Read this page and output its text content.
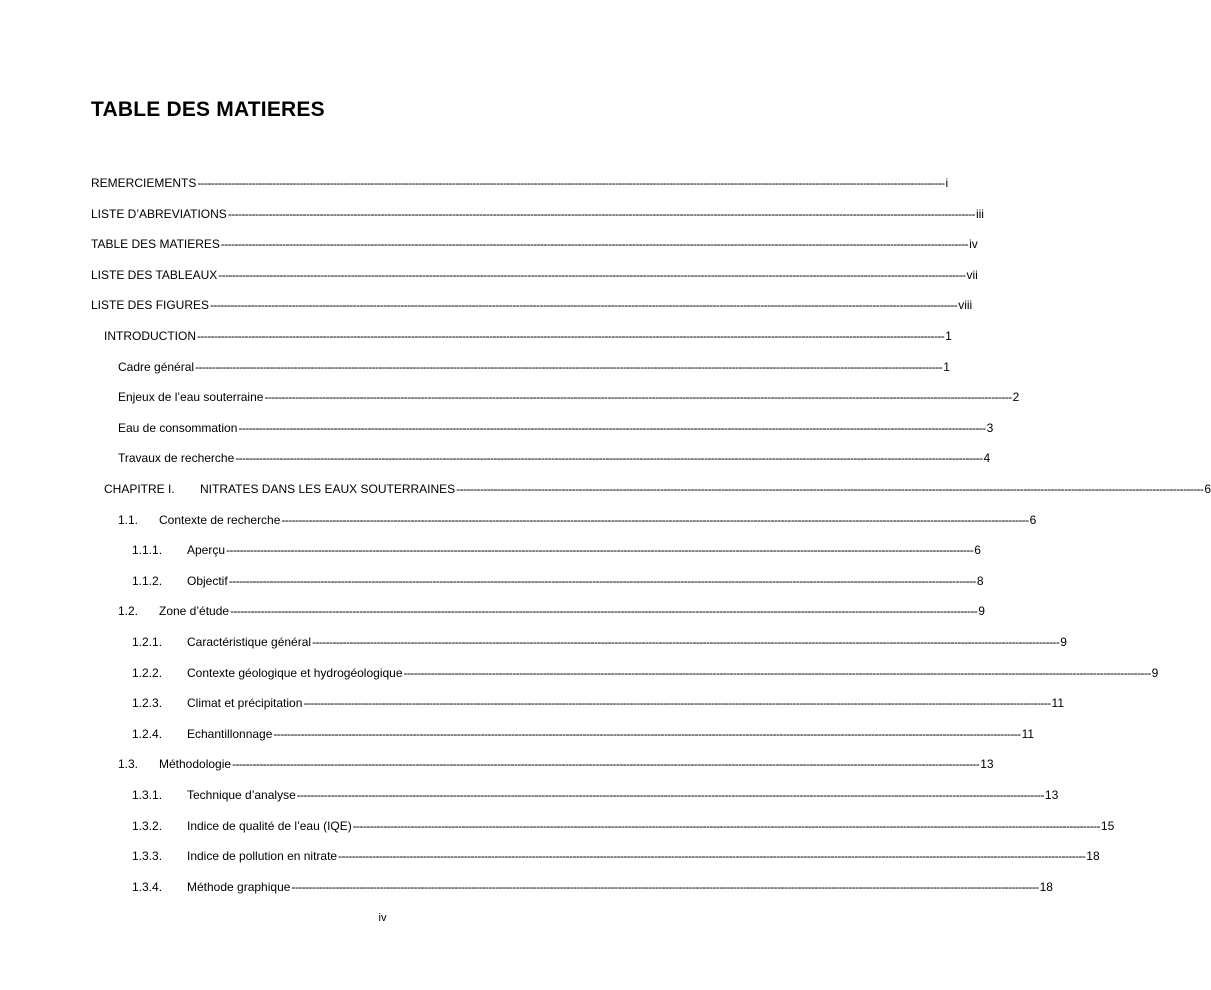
TABLE DES MATIERES
REMERCIEMENTS ---------------------------------------------------------------------------------------------------------------------------------------------------------------------------------------------------------------------------- i
LISTE D’ABREVIATIONS ---------------------------------------------------------------------------------------------------------------------------------------------------------------------------------------------------------------------------- iii
TABLE DES MATIERES ---------------------------------------------------------------------------------------------------------------------------------------------------------------------------------------------------------------------------- iv
LISTE DES TABLEAUX ---------------------------------------------------------------------------------------------------------------------------------------------------------------------------------------------------------------------------- vii
LISTE DES FIGURES ---------------------------------------------------------------------------------------------------------------------------------------------------------------------------------------------------------------------------- viii
INTRODUCTION ---------------------------------------------------------------------------------------------------------------------------------------------------------------------------------------------------------------------------- 1
Cadre général ---------------------------------------------------------------------------------------------------------------------------------------------------------------------------------------------------------------------------- 1
Enjeux de l’eau souterraine ---------------------------------------------------------------------------------------------------------------------------------------------------------------------------------------------------------------------------- 2
Eau de consommation ---------------------------------------------------------------------------------------------------------------------------------------------------------------------------------------------------------------------------- 3
Travaux de recherche ---------------------------------------------------------------------------------------------------------------------------------------------------------------------------------------------------------------------------- 4
CHAPITRE I.	NITRATES DANS LES EAUX SOUTERRAINES ---------------------------------------------------------------------------------------------------------------------------------------------------------------------------------------------------------------------------- 6
1.1.	Contexte de recherche ---------------------------------------------------------------------------------------------------------------------------------------------------------------------------------------------------------------------------- 6
1.1.1.	Aperçu ---------------------------------------------------------------------------------------------------------------------------------------------------------------------------------------------------------------------------- 6
1.1.2.	Objectif ---------------------------------------------------------------------------------------------------------------------------------------------------------------------------------------------------------------------------- 8
1.2.	Zone d’étude ---------------------------------------------------------------------------------------------------------------------------------------------------------------------------------------------------------------------------- 9
1.2.1.	Caractéristique général ---------------------------------------------------------------------------------------------------------------------------------------------------------------------------------------------------------------------------- 9
1.2.2.	Contexte géologique et hydrogéologique ---------------------------------------------------------------------------------------------------------------------------------------------------------------------------------------------------------------------------- 9
1.2.3.	Climat et précipitation ---------------------------------------------------------------------------------------------------------------------------------------------------------------------------------------------------------------------------- 11
1.2.4.	Echantillonnage ---------------------------------------------------------------------------------------------------------------------------------------------------------------------------------------------------------------------------- 11
1.3.	Méthodologie ---------------------------------------------------------------------------------------------------------------------------------------------------------------------------------------------------------------------------- 13
1.3.1.	Technique d’analyse ---------------------------------------------------------------------------------------------------------------------------------------------------------------------------------------------------------------------------- 13
1.3.2.	Indice de qualité de l’eau (IQE) ---------------------------------------------------------------------------------------------------------------------------------------------------------------------------------------------------------------------------- 15
1.3.3.	Indice de pollution en nitrate ---------------------------------------------------------------------------------------------------------------------------------------------------------------------------------------------------------------------------- 18
1.3.4.	Méthode graphique ---------------------------------------------------------------------------------------------------------------------------------------------------------------------------------------------------------------------------- 18
iv
